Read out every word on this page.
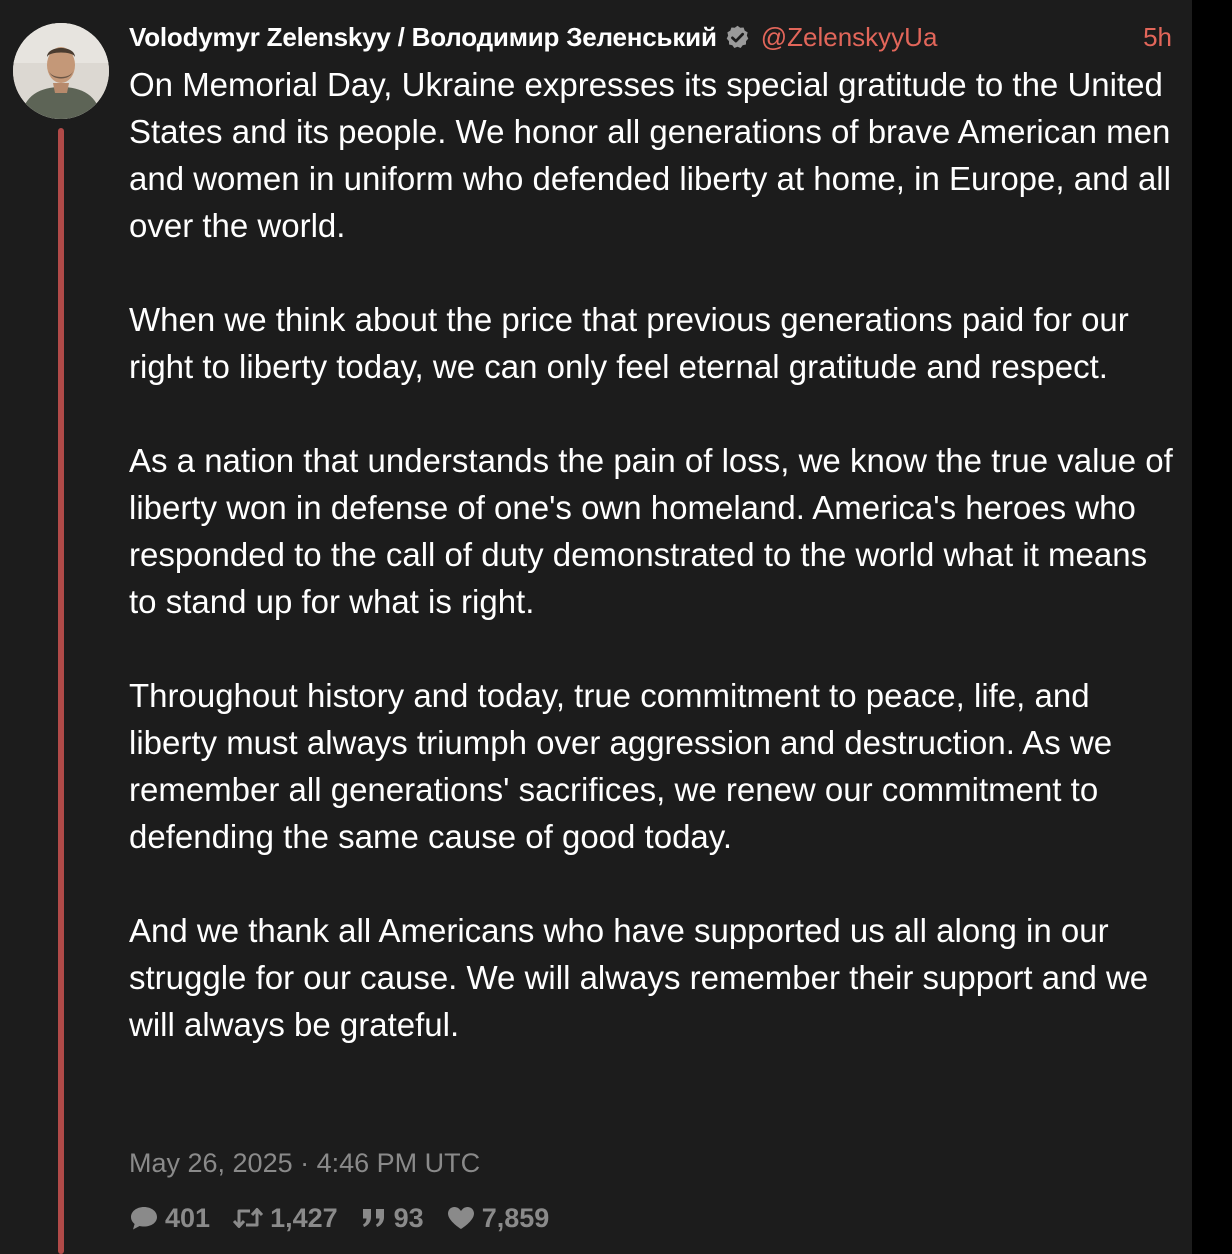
Volodymyr Zelenskyy / Володимир Зеленський @ZelenskyyUa	5h

On Memorial Day, Ukraine expresses its special gratitude to the United States and its people. We honor all generations of brave American men and women in uniform who defended liberty at home, in Europe, and all over the world.

When we think about the price that previous generations paid for our right to liberty today, we can only feel eternal gratitude and respect.

As a nation that understands the pain of loss, we know the true value of liberty won in defense of one's own homeland. America's heroes who responded to the call of duty demonstrated to the world what it means to stand up for what is right.

Throughout history and today, true commitment to peace, life, and liberty must always triumph over aggression and destruction. As we remember all generations' sacrifices, we renew our commitment to defending the same cause of good today.

And we thank all Americans who have supported us all along in our struggle for our cause. We will always remember their support and we will always be grateful.

May 26, 2025 · 4:46 PM UTC
401 1,427 93 7,859
